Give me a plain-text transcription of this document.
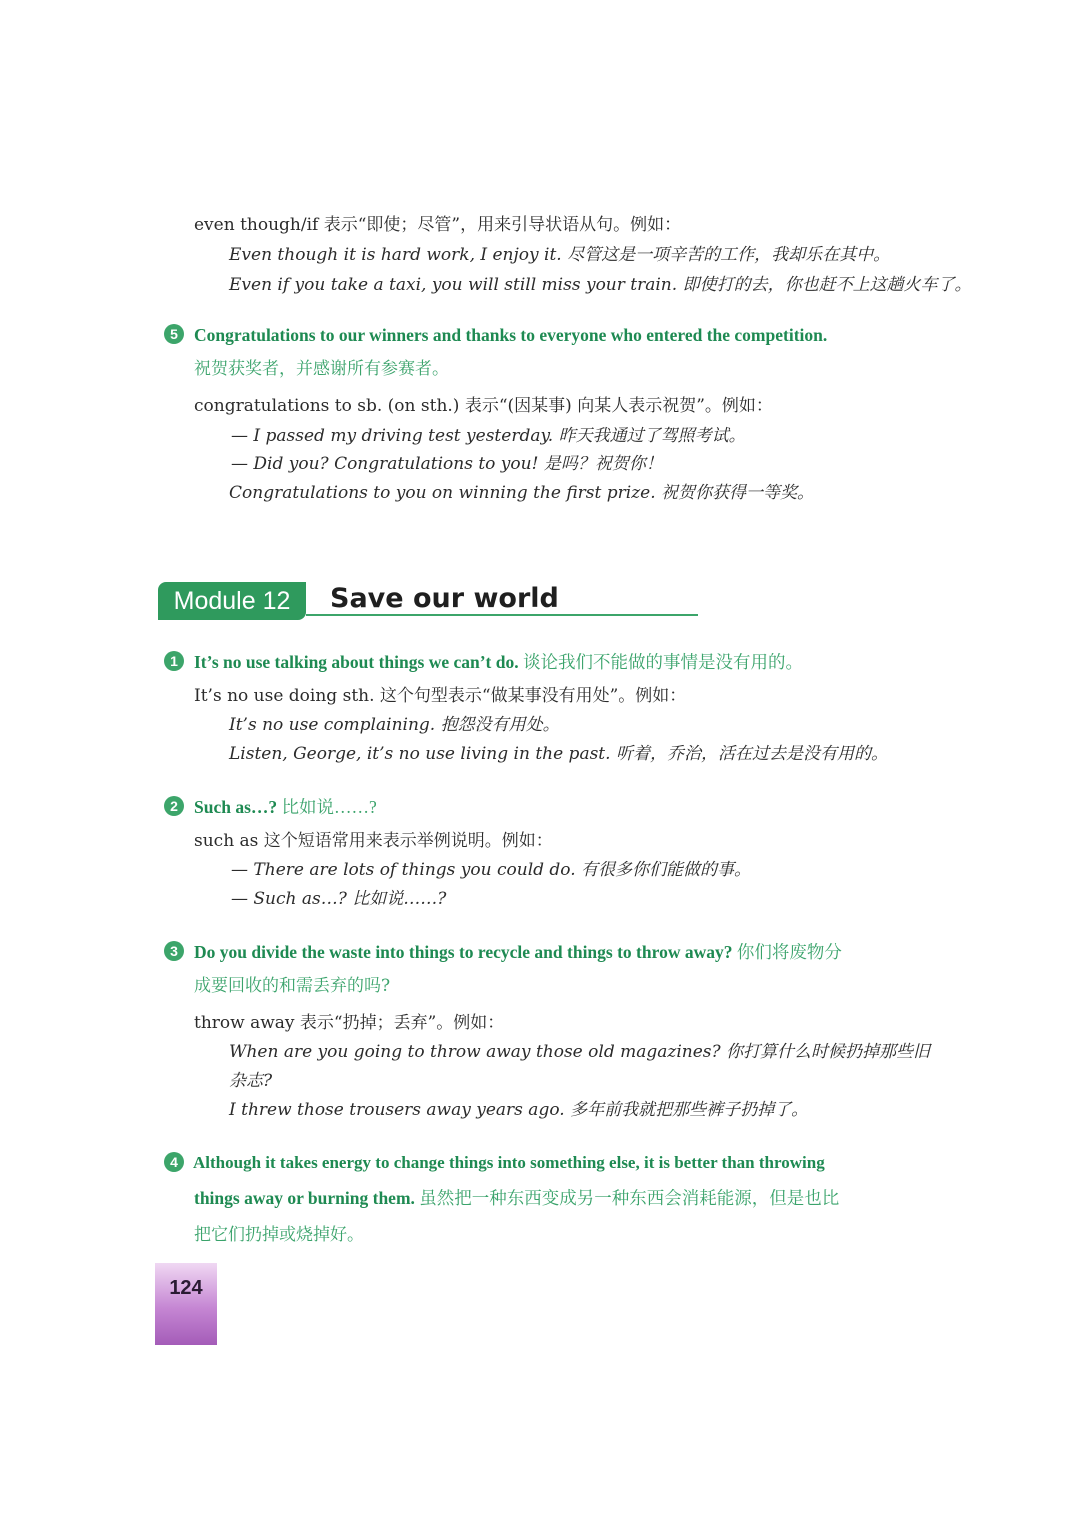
even though/if 表示“即使；尽管”，用来引导状语从句。例如：
Even though it is hard work, I enjoy it. 尽管这是一项辛苦的工作，我却乐在其中。
Even if you take a taxi, you will still miss your train. 即使打的去，你也赶不上这趟火车了。
5 Congratulations to our winners and thanks to everyone who entered the competition.
祝贺获奖者，并感谢所有参赛者。
congratulations to sb. (on sth.) 表示“(因某事) 向某人表示祝贺”。例如：
— I passed my driving test yesterday. 昨天我通过了驾照考试。
— Did you? Congratulations to you! 是吗？祝贺你！
Congratulations to you on winning the first prize. 祝贺你获得一等奖。
Module 12	Save our world
1 It’s no use talking about things we can’t do. 谈论我们不能做的事情是没有用的。
It’s no use doing sth. 这个句型表示“做某事没有用处”。例如：
It’s no use complaining. 抱怨没有用处。
Listen, George, it’s no use living in the past. 听着，乔治，活在过去是没有用的。
2 Such as…? 比如说……?
such as 这个短语常用来表示举例说明。例如：
— There are lots of things you could do. 有很多你们能做的事。
— Such as…? 比如说……?
3 Do you divide the waste into things to recycle and things to throw away? 你们将废物分
成要回收的和需丢弃的吗?
throw away 表示“扔掉；丢弃”。例如：
When are you going to throw away those old magazines? 你打算什么时候扔掉那些旧
杂志?
I threw those trousers away years ago. 多年前我就把那些裤子扔掉了。
4 Although it takes energy to change things into something else, it is better than throwing
things away or burning them. 虽然把一种东西变成另一种东西会消耗能源，但是也比
把它们扔掉或烧掉好。
124
